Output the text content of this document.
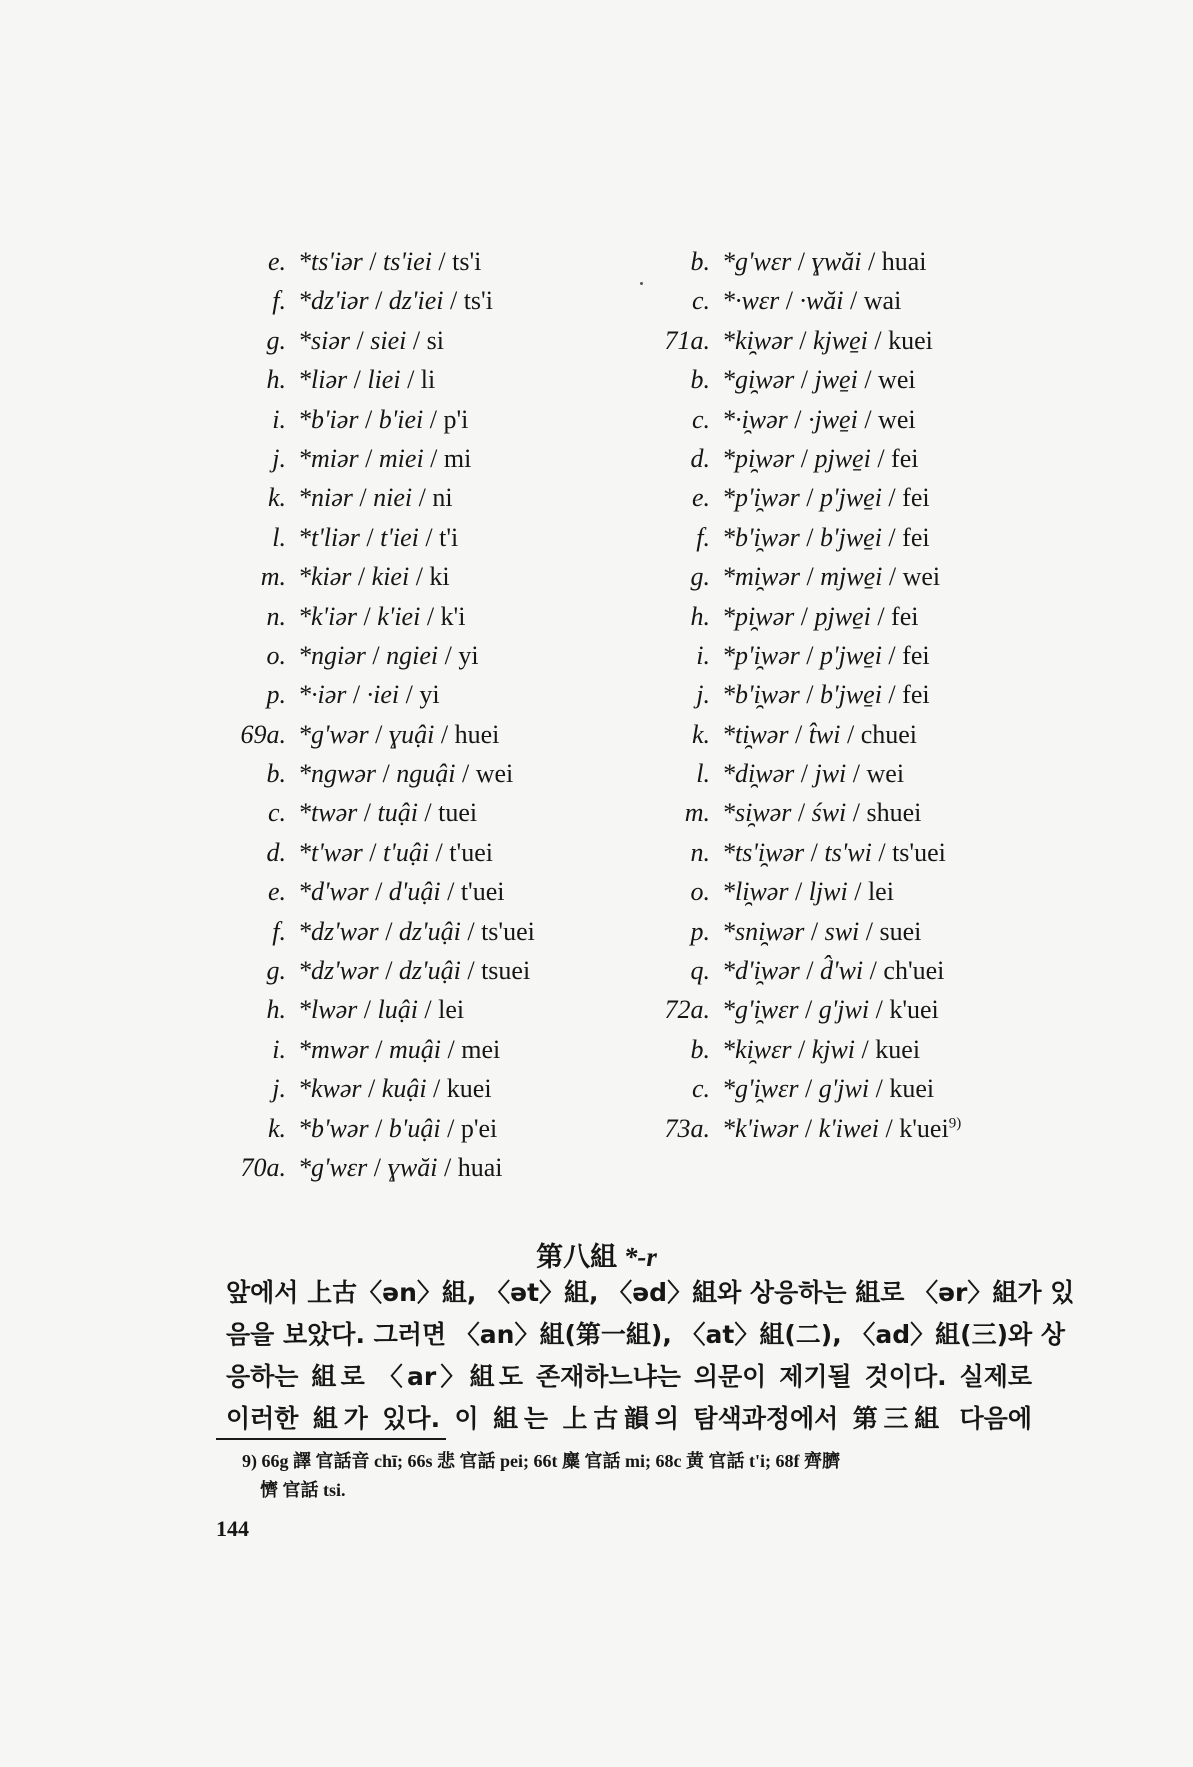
e. *ts'iər / ts'iei / ts'i
f. *dz'iər / dz'iei / ts'i
g. *siər / siei / si
h. *liər / liei / li
i. *b'iər / b'iei / p'i
j. *miər / miei / mi
k. *niər / niei / ni
l. *t'liər / t'iei / t'i
m. *kiər / kiei / ki
n. *k'iər / k'iei / k'i
o. *ngiər / ngiei / yi
p. *·iər / ·iei / yi
69a. *g'wər / ɣuậi / huei
b. *ngwər / nguậi / wei
c. *twər / tuậi / tuei
d. *t'wər / t'uậi / t'uei
e. *d'wər / d'uậi / t'uei
f. *dz'wər / dz'uậi / ts'uei
g. *dz'wər / dz'uậi / tsuei
h. *lwər / luậi / lei
i. *mwər / muậi / mei
j. *kwər / kuậi / kuei
k. *b'wər / b'uậi / p'ei
70a. *g'wɛr / ɣwăi / huai
b. *g'wɛr / ɣwăi / huai
c. *·wɛr / ·wăi / wai
71a. *ki̯wər / kjwe̱i / kuei
b. *gi̯wər / jwe̱i / wei
c. *·i̯wər / ·jwe̱i / wei
d. *pi̯wər / pjwe̱i / fei
e. *p'i̯wər / p'jwe̱i / fei
f. *b'i̯wər / b'jwe̱i / fei
g. *mi̯wər / mjwe̱i / wei
h. *pi̯wər / pjwe̱i / fei
i. *p'i̯wər / p'jwe̱i / fei
j. *b'i̯wər / b'jwe̱i / fei
k. *ti̯wər / t̂wi / chuei
l. *di̯wər / jwi / wei
m. *si̯wər / świ / shuei
n. *ts'i̯wər / ts'wi / ts'uei
o. *li̯wər / ljwi / lei
p. *sni̯wər / swi / suei
q. *d'i̯wər / d̂'wi / ch'uei
72a. *g'i̯wɛr / g'jwi / k'uei
b. *ki̯wɛr / kjwi / kuei
c. *g'i̯wɛr / g'jwi / kuei
73a. *k'iwər / k'iwei / k'uei$^{9)}$
第八組 *-r
앞에서 上古〈ən〉組, 〈ət〉組, 〈əd〉組와 상응하는 組로 〈ər〉組가 있
음을 보았다. 그러면 〈an〉組(第一組), 〈at〉組(二), 〈ad〉組(三)와 상
응하는 組로 〈ar〉組도 존재하느냐는 의문이 제기될 것이다. 실제로
이러한 組가 있다. 이 組는 上古韻의 탐색과정에서 第三組 다음에
9) 66g 譯 官話音 chī; 66s 悲 官話 pei; 66t 麋 官話 mi; 68c 黄 官話 t'i; 68f 齊臍
懠 官話 tsi.
144
